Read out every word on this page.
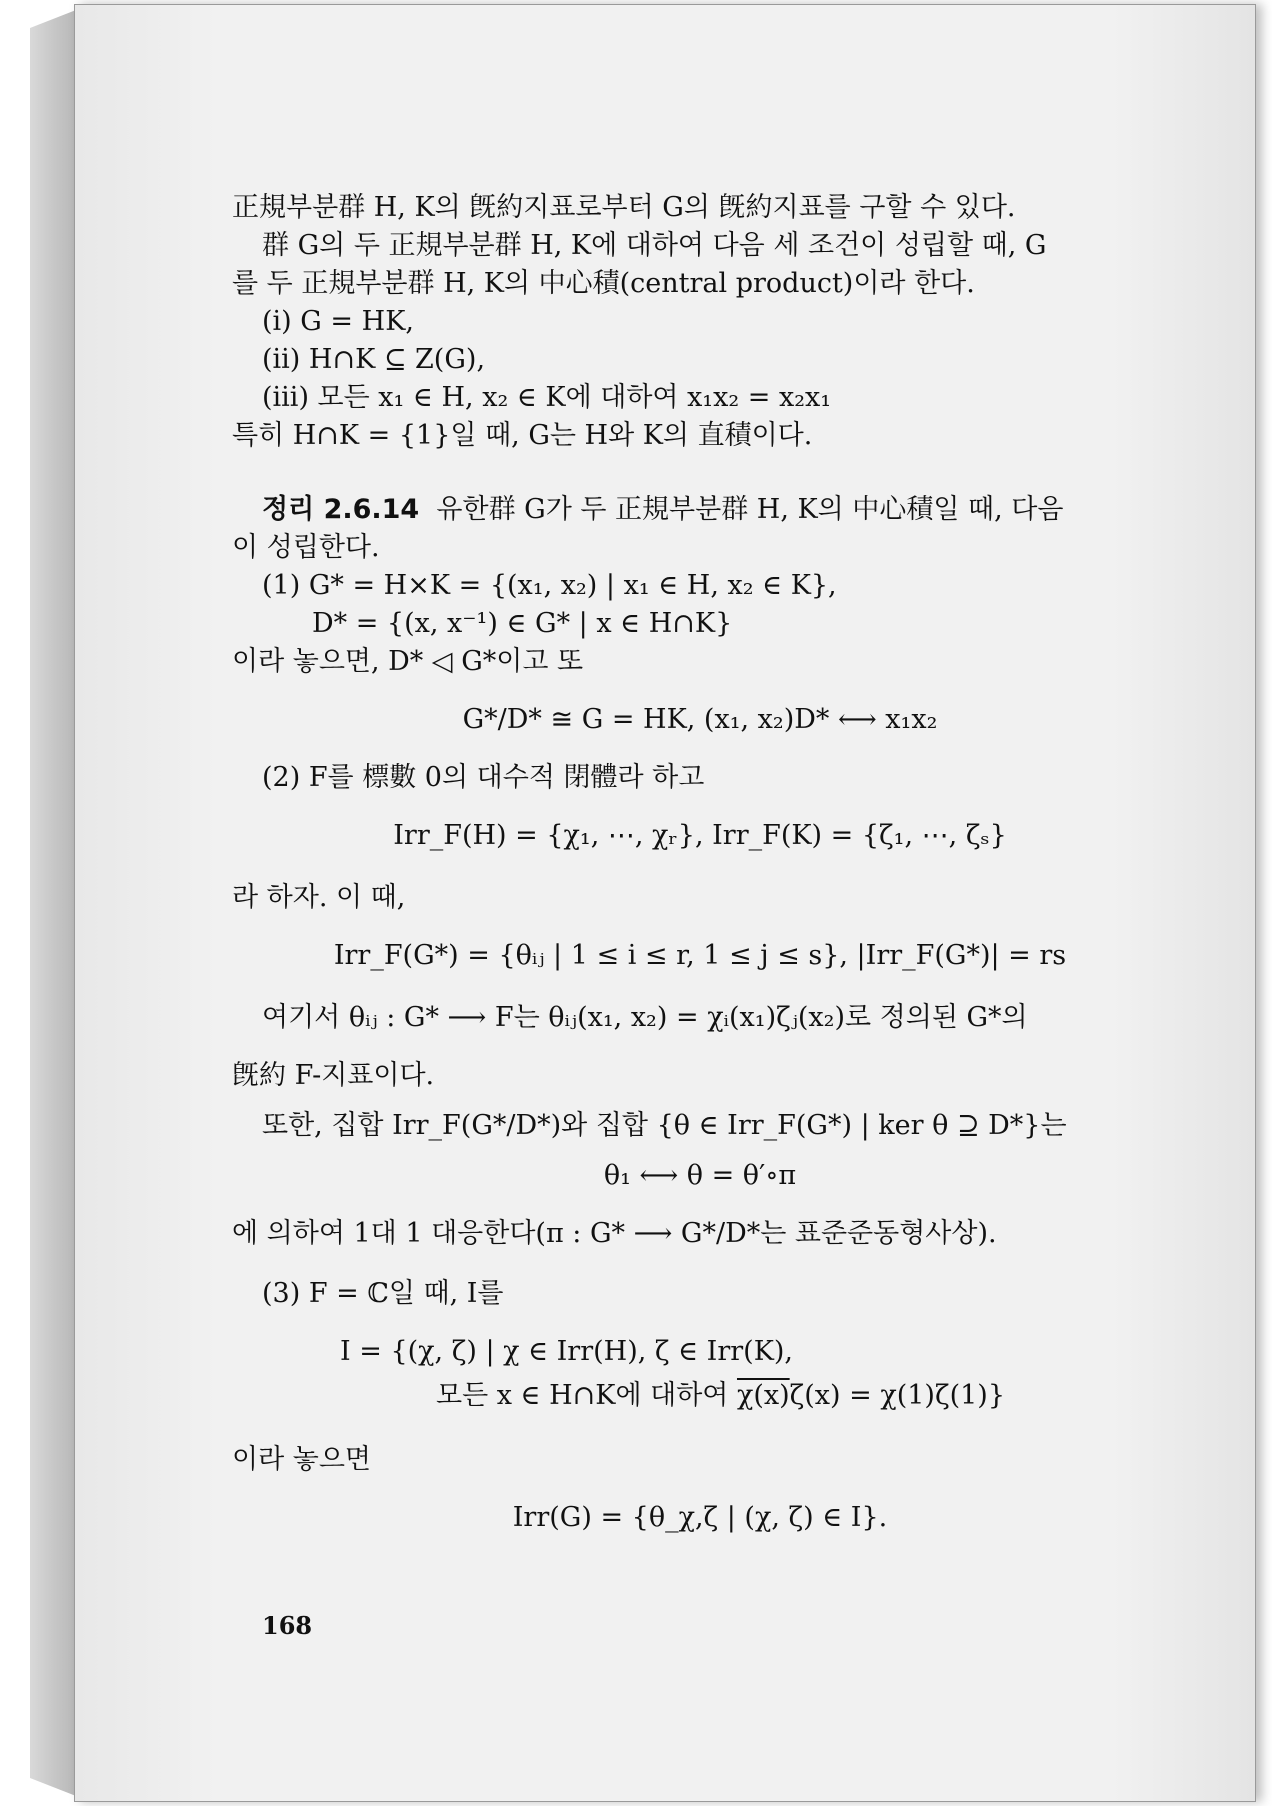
正規부분群 H, K의 旣約지표로부터 G의 旣約지표를 구할 수 있다.
群 G의 두 正規부분群 H, K에 대하여 다음 세 조건이 성립할 때, G
를 두 正規부분群 H, K의 中心積(central product)이라 한다.
(i) G = HK,
(ii) H∩K ⊆ Z(G),
(iii) 모든 x₁ ∈ H, x₂ ∈ K에 대하여 x₁x₂ = x₂x₁
특히 H∩K = {1}일 때, G는 H와 K의 直積이다.
정리 2.6.14 유한群 G가 두 正規부분群 H, K의 中心積일 때, 다음
이 성립한다.
(1) G* = H×K = {(x₁, x₂) | x₁ ∈ H, x₂ ∈ K},
D* = {(x, x⁻¹) ∈ G* | x ∈ H∩K}
이라 놓으면, D* ◁ G*이고 또
G*/D* ≅ G = HK, (x₁, x₂)D* ⟷ x₁x₂
(2) F를 標數 0의 대수적 閉體라 하고
Irr_F(H) = {χ₁, ⋯, χᵣ}, Irr_F(K) = {ζ₁, ⋯, ζₛ}
라 하자. 이 때,
Irr_F(G*) = {θᵢⱼ | 1 ≤ i ≤ r, 1 ≤ j ≤ s}, |Irr_F(G*)| = rs
여기서 θᵢⱼ : G* ⟶ F는 θᵢⱼ(x₁, x₂) = χᵢ(x₁)ζⱼ(x₂)로 정의된 G*의
旣約 F-지표이다.
또한, 집합 Irr_F(G*/D*)와 집합 {θ ∈ Irr_F(G*) | ker θ ⊇ D*}는
θ₁ ⟷ θ = θ′∘π
에 의하여 1대 1 대응한다(π : G* ⟶ G*/D*는 표준준동형사상).
(3) F = ℂ일 때, I를
I = {(χ, ζ) | χ ∈ Irr(H), ζ ∈ Irr(K),
모든 x ∈ H∩K에 대하여 χ(x)ζ(x) = χ(1)ζ(1)}
이라 놓으면
Irr(G) = {θ_χ,ζ | (χ, ζ) ∈ I}.
168
